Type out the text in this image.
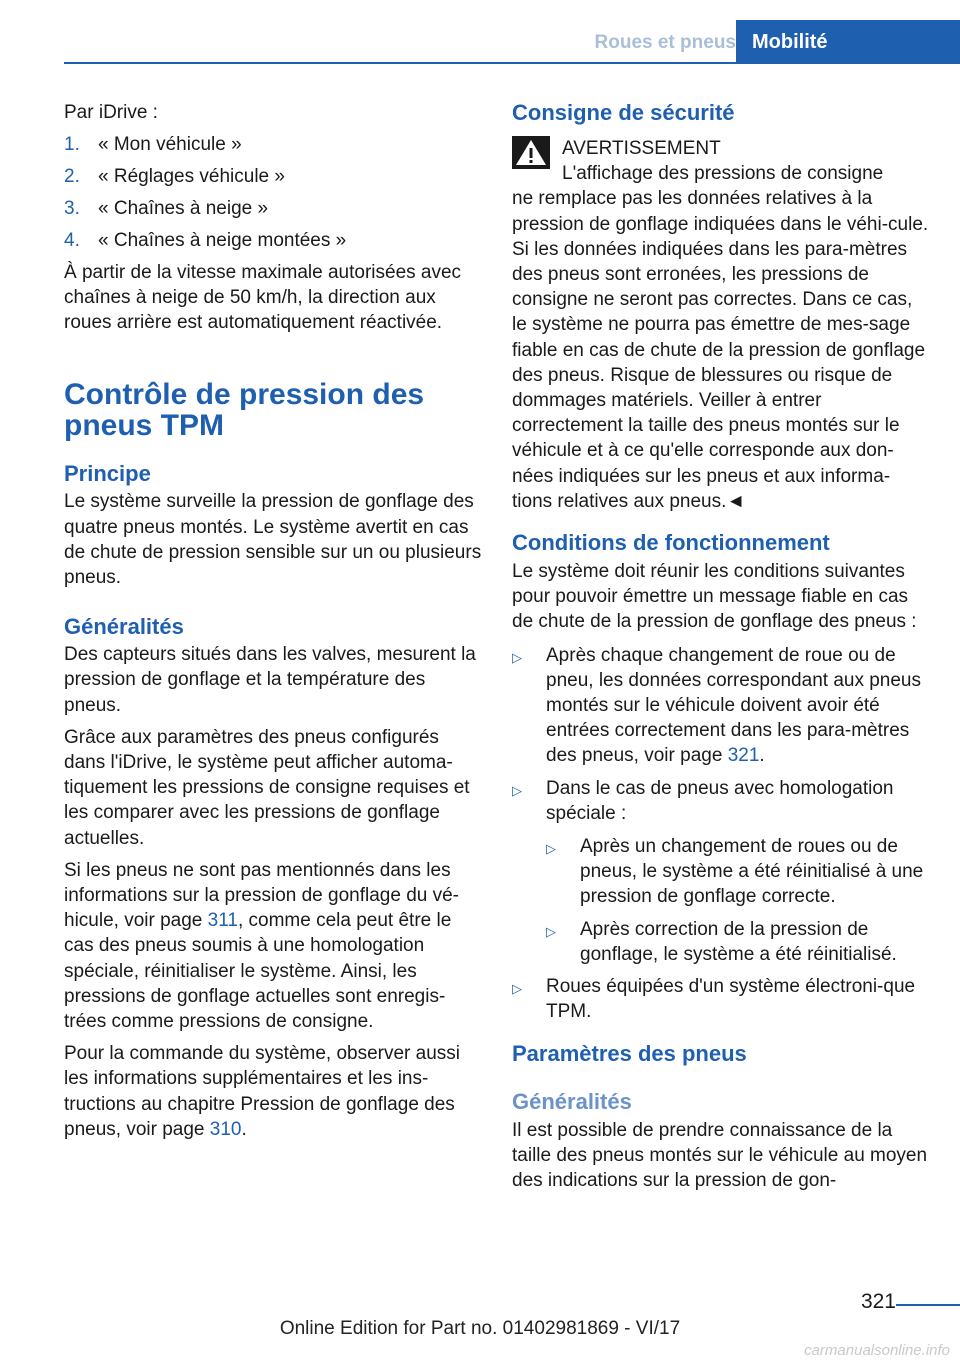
Roues et pneus Mobilité

Par iDrive :

1. « Mon véhicule »
2. « Réglages véhicule »
3. « Chaînes à neige »
4. « Chaînes à neige montées »

À partir de la vitesse maximale autorisées avec chaînes à neige de 50 km/h, la direction aux roues arrière est automatiquement réactivée.

Contrôle de pression des pneus TPM
Principe

Le système surveille la pression de gonflage des quatre pneus montés. Le système avertit en cas de chute de pression sensible sur un ou plusieurs pneus.

Généralités

Des capteurs situés dans les valves, mesurent la pression de gonflage et la température des pneus.

Grâce aux paramètres des pneus configurés dans l'iDrive, le système peut afficher automa‐tiquement les pressions de consigne requises et les comparer avec les pressions de gonflage actuelles.

Si les pneus ne sont pas mentionnés dans les informations sur la pression de gonflage du vé‐hicule, voir page 311, comme cela peut être le cas des pneus soumis à une homologation spéciale, réinitialiser le système. Ainsi, les pressions de gonflage actuelles sont enregis‐trées comme pressions de consigne.

Pour la commande du système, observer aussi les informations supplémentaires et les ins‐tructions au chapitre Pression de gonflage des pneus, voir page 310.

Consigne de sécurité
AVERTISSEMENT
L'affichage des pressions de consigne

ne remplace pas les données relatives à la pression de gonflage indiquées dans le véhi‐cule. Si les données indiquées dans les para‐mètres des pneus sont erronées, les pressions de consigne ne seront pas correctes. Dans ce cas, le système ne pourra pas émettre de mes‐sage fiable en cas de chute de la pression de gonflage des pneus. Risque de blessures ou risque de dommages matériels. Veiller à entrer correctement la taille des pneus montés sur le véhicule et à ce qu'elle corresponde aux don‐nées indiquées sur les pneus et aux informa‐tions relatives aux pneus.◄

Conditions de fonctionnement

Le système doit réunir les conditions suivantes pour pouvoir émettre un message fiable en cas de chute de la pression de gonflage des pneus :

▷	Après chaque changement de roue ou de pneu, les données correspondant aux pneus montés sur le véhicule doivent avoir été entrées correctement dans les para‐mètres des pneus, voir page 321.
▷	Dans le cas de pneus avec homologation spéciale :
▷	Après un changement de roues ou de pneus, le système a été réinitialisé à une pression de gonflage correcte.
▷	Après correction de la pression de gonflage, le système a été réinitialisé.
▷	Roues équipées d'un système électroni‐que TPM.
Paramètres des pneus
Généralités

Il est possible de prendre connaissance de la taille des pneus montés sur le véhicule au moyen des indications sur la pression de gon‐

321
Online Edition for Part no. 01402981869 - VI/17
carmanualsonline.info
